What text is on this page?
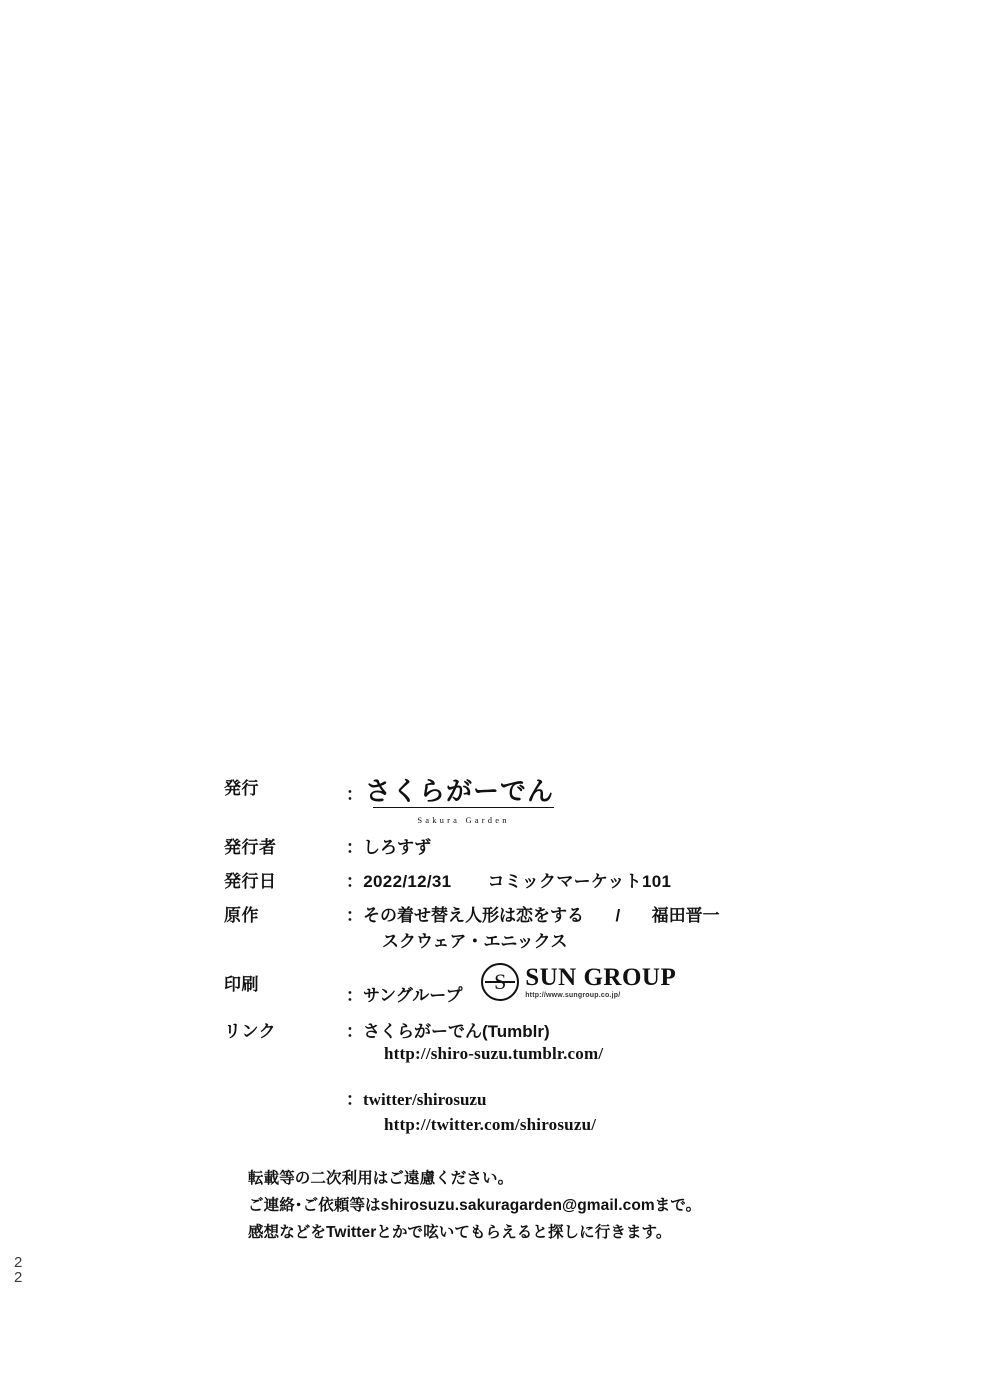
2
2
発行	： さくらがーでん
Sakura Garden
発行者	：しろすず
発行日	：2022/12/31 コミックマーケット101
原作	：その着せ替え人形は恋をする / 福田晋一
スクウェア・エニックス
印刷
：サングループ
S
SUN GROUP
http://www.sungroup.co.jp/
リンク	：さくらがーでん(Tumblr)
http://shiro-suzu.tumblr.com/
：twitter/shirosuzu
http://twitter.com/shirosuzu/
転載等の二次利用はご遠慮ください。
ご連絡･ご依頼等はshirosuzu.sakuragarden@gmail.comまで。
感想などをTwitterとかで呟いてもらえると探しに行きます。
